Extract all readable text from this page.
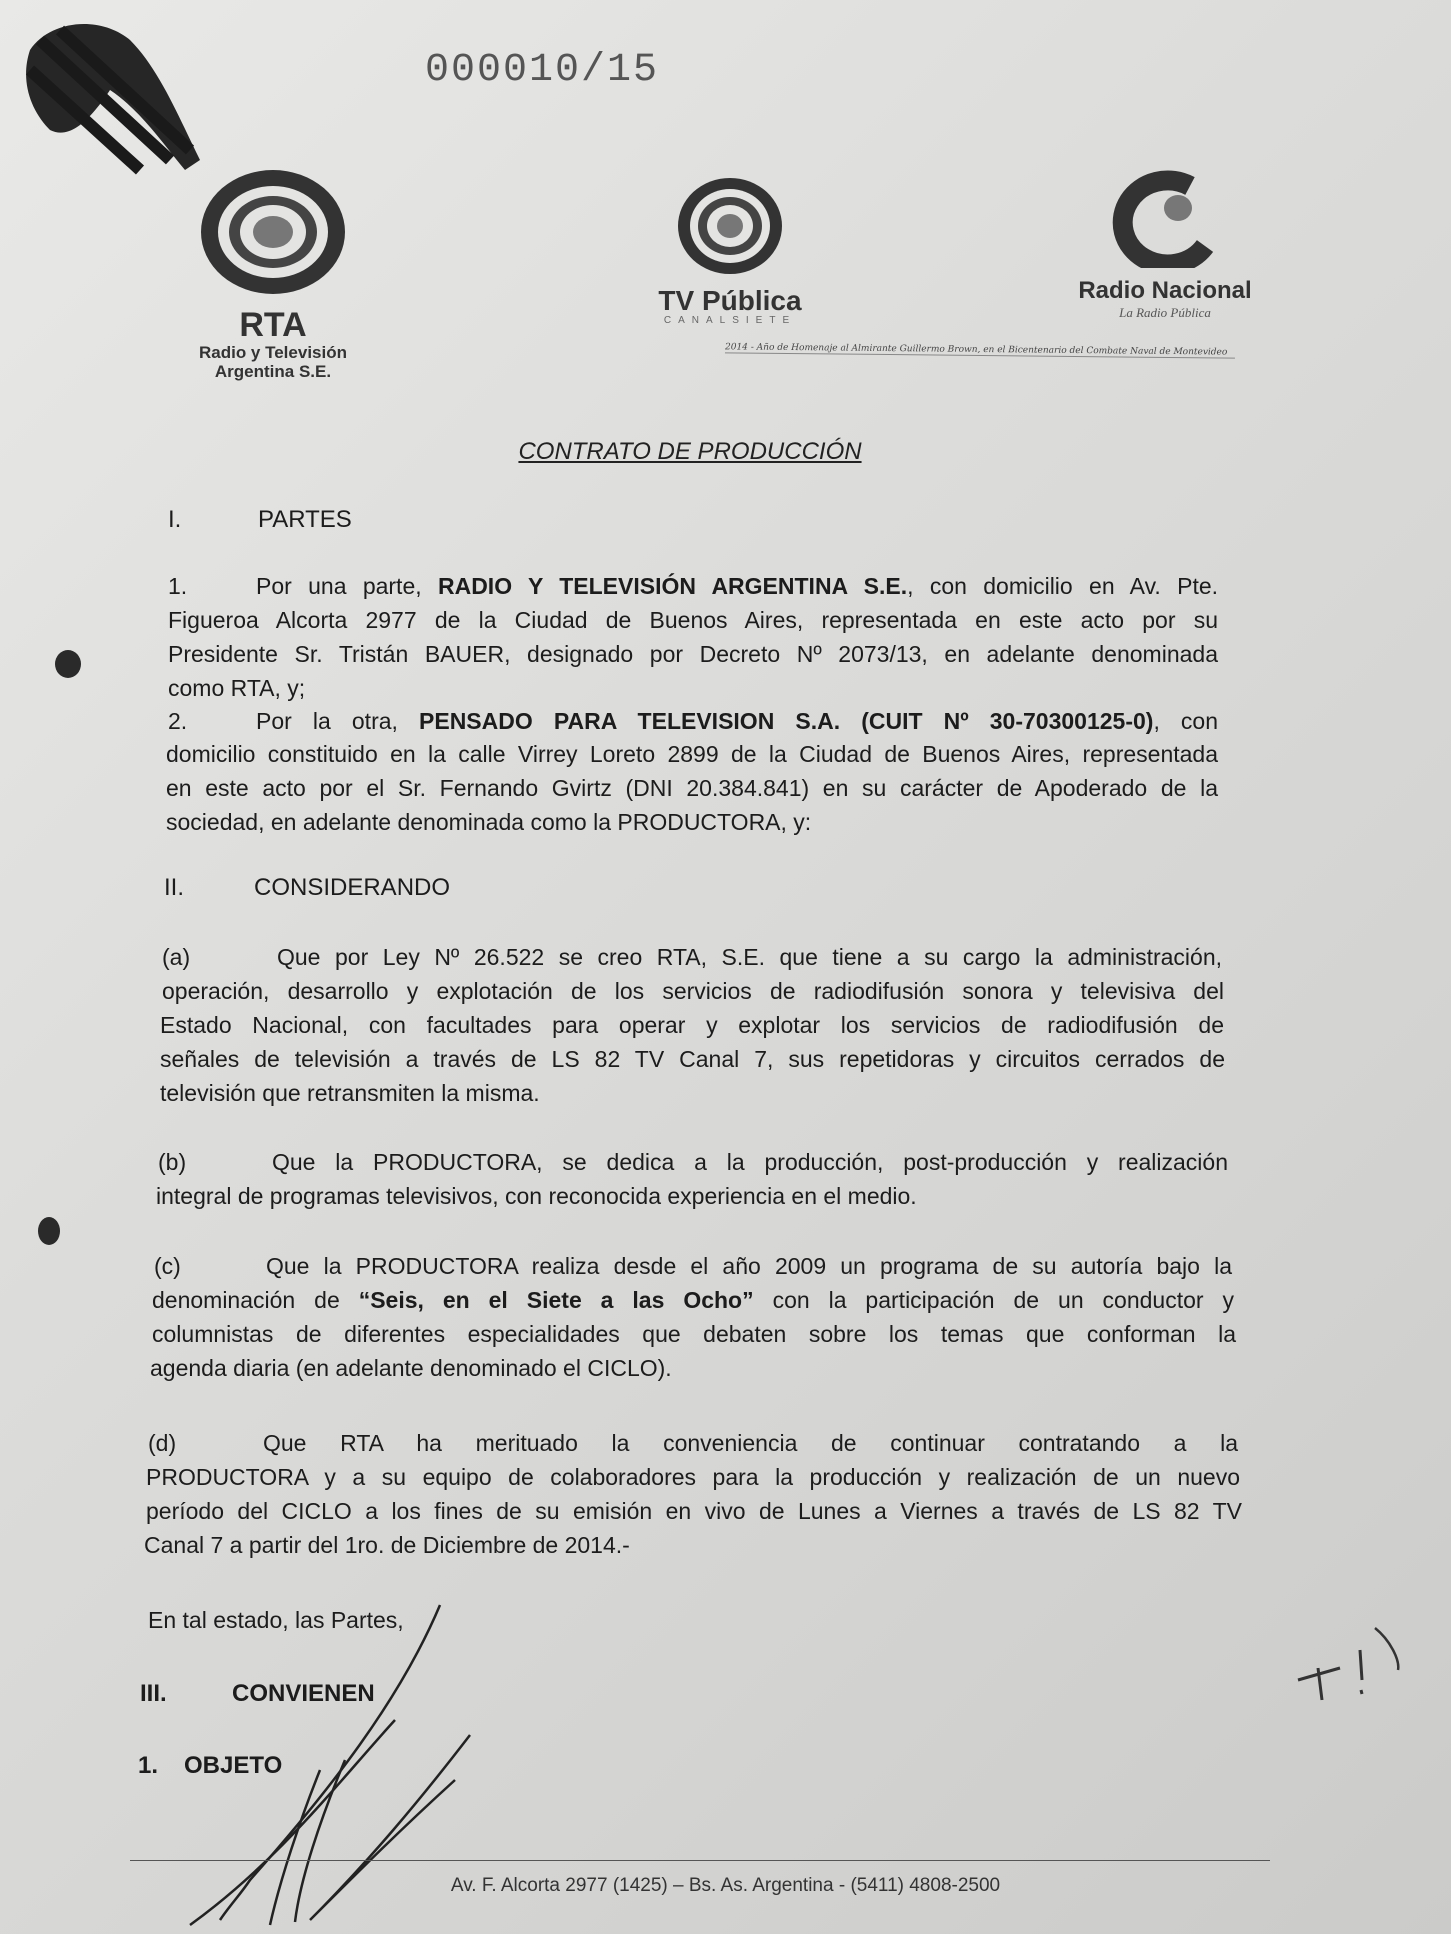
000010/15
RTA
Radio y Televisión
Argentina S.E.
TV Pública
CANALSIETE
Radio Nacional
La Radio Pública
2014 - Año de Homenaje al Almirante Guillermo Brown, en el Bicentenario del Combate Naval de Montevideo
CONTRATO DE PRODUCCIÓN
I.	PARTES
1.	Por una parte, RADIO Y TELEVISIÓN ARGENTINA S.E., con domicilio en Av. Pte.
Figueroa Alcorta 2977 de la Ciudad de Buenos Aires, representada en este acto por su
Presidente Sr. Tristán BAUER, designado por Decreto Nº 2073/13, en adelante denominada
como RTA, y;
2.	Por la otra, PENSADO PARA TELEVISION S.A. (CUIT Nº 30-70300125-0), con
domicilio constituido en la calle Virrey Loreto 2899 de la Ciudad de Buenos Aires, representada
en este acto por el Sr. Fernando Gvirtz (DNI 20.384.841) en su carácter de Apoderado de la
sociedad, en adelante denominada como la PRODUCTORA, y:
II.	CONSIDERANDO
(a)	Que por Ley Nº 26.522 se creo RTA, S.E. que tiene a su cargo la administración,
operación, desarrollo y explotación de los servicios de radiodifusión sonora y televisiva del
Estado Nacional, con facultades para operar y explotar los servicios de radiodifusión de
señales de televisión a través de LS 82 TV Canal 7, sus repetidoras y circuitos cerrados de
televisión que retransmiten la misma.
(b)	Que la PRODUCTORA, se dedica a la producción, post-producción y realización
integral de programas televisivos, con reconocida experiencia en el medio.
(c)	Que la PRODUCTORA realiza desde el año 2009 un programa de su autoría bajo la
denominación de “Seis, en el Siete a las Ocho” con la participación de un conductor y
columnistas de diferentes especialidades que debaten sobre los temas que conforman la
agenda diaria (en adelante denominado el CICLO).
(d)	Que RTA ha merituado la conveniencia de continuar contratando a la
PRODUCTORA y a su equipo de colaboradores para la producción y realización de un nuevo
período del CICLO a los fines de su emisión en vivo de Lunes a Viernes a través de LS 82 TV
Canal 7 a partir del 1ro. de Diciembre de 2014.-
En tal estado, las Partes,
III.	CONVIENEN
1. OBJETO
Av. F. Alcorta 2977 (1425) – Bs. As. Argentina - (5411) 4808-2500
